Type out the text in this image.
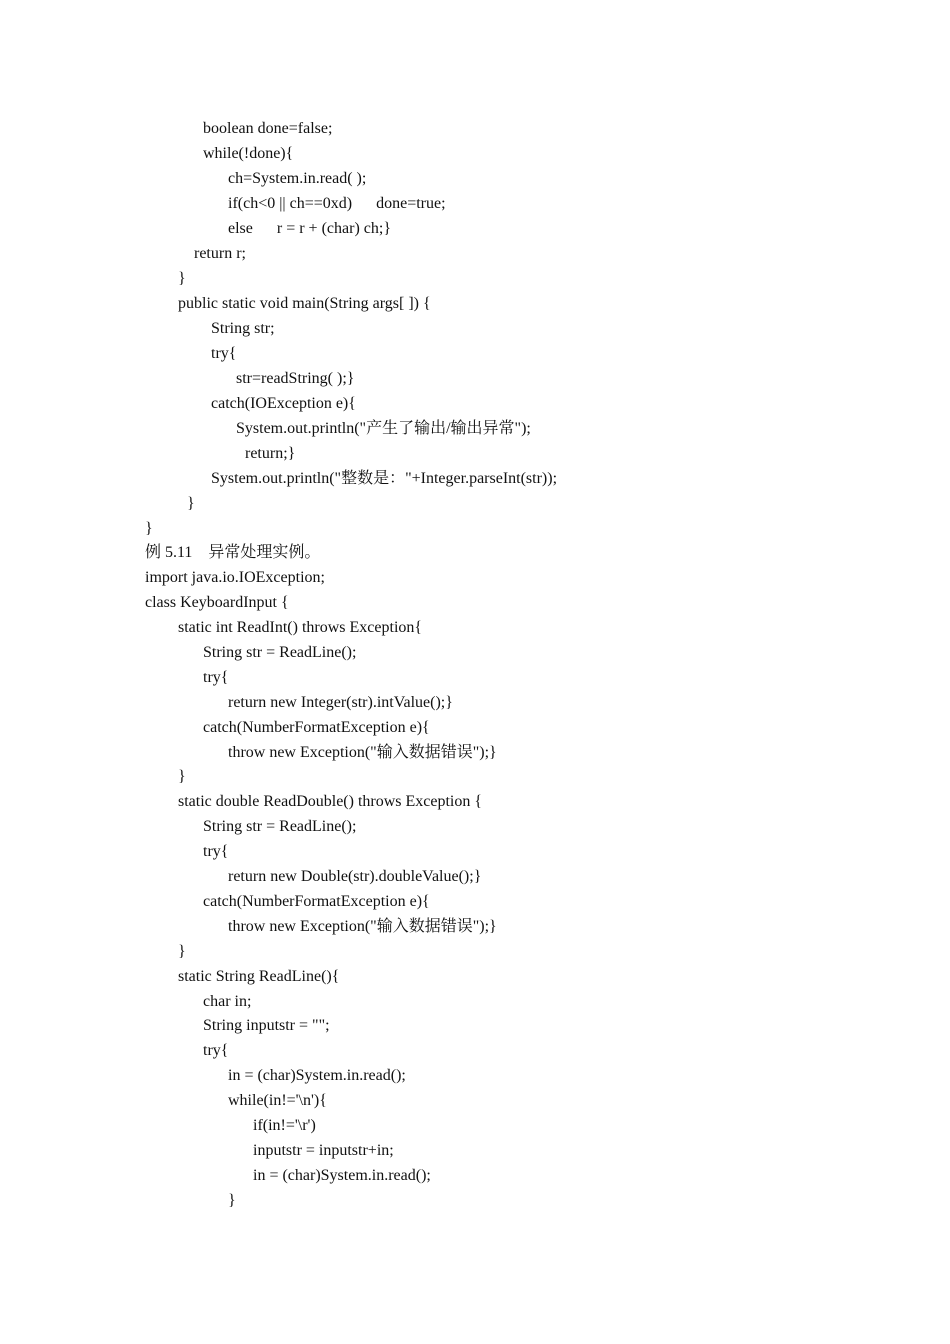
boolean done=false;
while(!done){
ch=System.in.read( );
if(ch<0 || ch==0xd)      done=true;
else      r = r + (char) ch;}
return r;
}
public static void main(String args[ ]) {
String str;
try{
str=readString( );}
catch(IOException e){
System.out.println("产生了输出/输出异常");
return;}
System.out.println("整数是："+Integer.parseInt(str));
}
}
例 5.11    异常处理实例。
import java.io.IOException;
class KeyboardInput {
static int ReadInt() throws Exception{
String str = ReadLine();
try{
return new Integer(str).intValue();}
catch(NumberFormatException e){
throw new Exception("输入数据错误");}
}
static double ReadDouble() throws Exception {
String str = ReadLine();
try{
return new Double(str).doubleValue();}
catch(NumberFormatException e){
throw new Exception("输入数据错误");}
}
static String ReadLine(){
char in;
String inputstr = "";
try{
in = (char)System.in.read();
while(in!='\n'){
if(in!='\r')
inputstr = inputstr+in;
in = (char)System.in.read();
}
